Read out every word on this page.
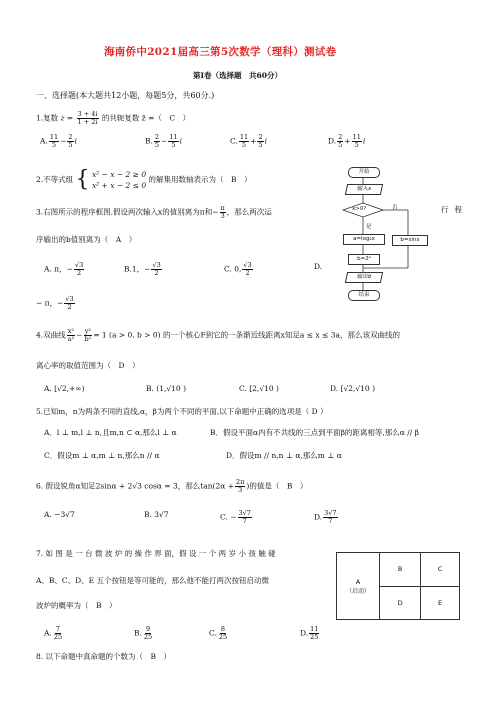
海南侨中2021届高三第5次数学（理科）测试卷
第I卷（选择题　共60分）
一、选择题(本大题共12小题，每题5分，共60分.)
1.复数 $z = \frac{3 + 4i}{1 + 2i}$ 的共轭复数 z̄ =（　C　）
A. $\frac{11}{5} - \frac{2}{5}$ i	B. $\frac{2}{5} - \frac{11}{5}$ i	C. $\frac{11}{5} + \frac{2}{5}$ i	D. $\frac{2}{5} + \frac{11}{5}$ i
2.不等式组 { x² − x − 2 ≥ 0
x² + x − 2 ≤ 0 的解集用数轴表示为（　B　）
3.右图所示的程序框图.假设两次输入x的值别离为π和− $\frac{\pi}{3}$ ，那么两次运	行程
序输出的b值别离为（　A　）
A. π，− $\frac{√3}{2}$	B.1，− $\frac{√3}{2}$	C. 0, $\frac{√3}{2}$	D.
− π，− $\frac{√3}{2}$
开始
输入x
x>0?	否
是
a=log₂x	b=sinx
b=2ᵃ
输出b
结束
4.双曲线 $\frac{\text{x²}}{\text{a²}} - \frac{\text{y²}}{\text{b²}} = 1$ (a > 0, b > 0) 的一个核心F到它的一条渐近线距离x知足a ≤ x ≤ 3a，那么该双曲线的
离心率的取值范围为（　D　）
A. [√2,+∞)	B. (1,√10 )	C. [2,√10 )	D. [√2,√10 )
5.已知m，n为两条不同的直线,α，β为两个不同的平面,以下命题中正确的选项是（ D ）
A．l ⊥ m,l ⊥ n,且m,n ⊂ α,那么l ⊥ α	B．假设平面α内有不共线的三点到平面β的距离相等,那么α // β
C．假设m ⊥ α,m ⊥ n,那么n // α	D．假设m // n,n ⊥ α,那么m ⊥ α
6. 假设锐角α知足2sinα + 2√3 cosα = 3，那么$\tan(2\alpha + \frac{2\pi}{3}$ )的值是（　B　）
A. −3√7	B. 3√7	C. − $\frac{3√7}{7}$	D. $\frac{3√7}{7}$
7. 如 图 是 一 台 微 波 炉 的 操 作 界 面，假 设 一 个 两 岁 小 孩 触 碰
A、B、C、D、E 五个按钮是等可能的，那么他不能打两次按钮启动微
波炉的概率为（　B　）
A. $\frac{7}{25}$	B. $\frac{9}{25}$	C. $\frac{8}{25}$	D. $\frac{11}{25}$
A
（启动）	B	C
	D	E
8. 以下命题中真命题的个数为（　B　）
